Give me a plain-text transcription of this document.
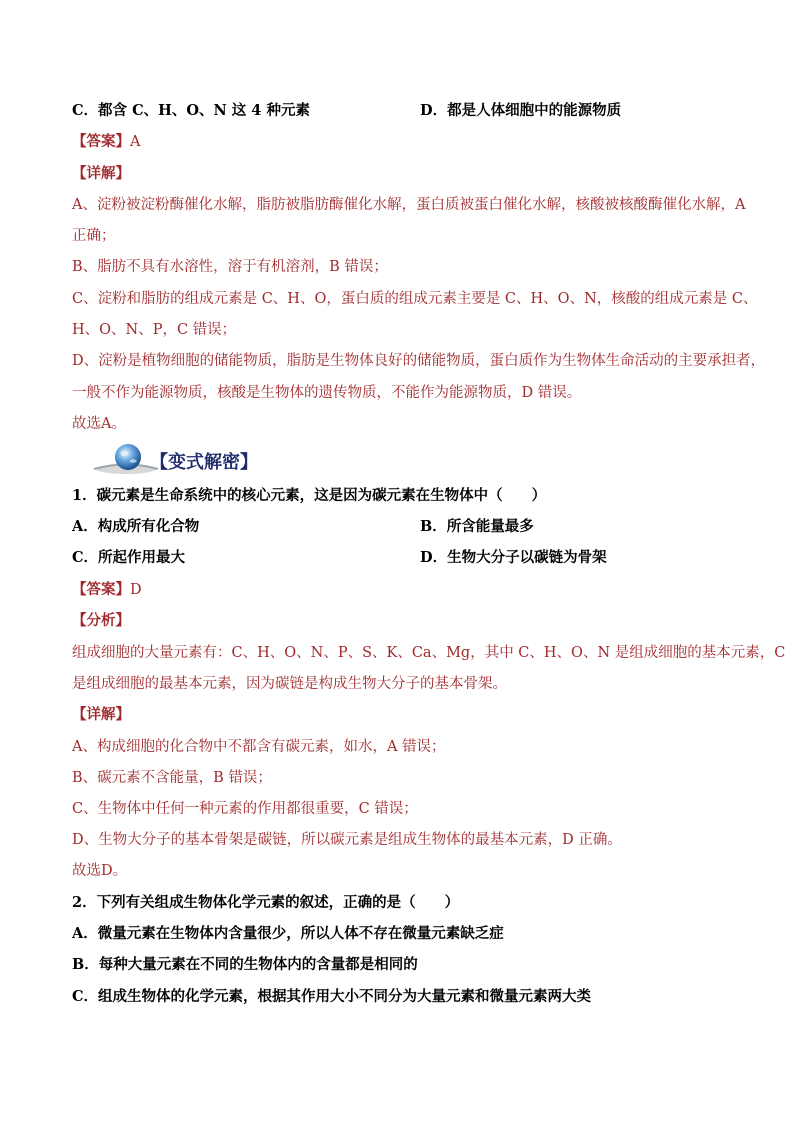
C．都含 C、H、O、N 这 4 种元素	D．都是人体细胞中的能源物质
【答案】A
【详解】
A、淀粉被淀粉酶催化水解，脂肪被脂肪酶催化水解，蛋白质被蛋白催化水解，核酸被核酸酶催化水解，A
正确；
B、脂肪不具有水溶性，溶于有机溶剂，B 错误；
C、淀粉和脂肪的组成元素是 C、H、O，蛋白质的组成元素主要是 C、H、O、N，核酸的组成元素是 C、
H、O、N、P，C 错误；
D、淀粉是植物细胞的储能物质，脂肪是生物体良好的储能物质，蛋白质作为生物体生命活动的主要承担者，
一般不作为能源物质，核酸是生物体的遗传物质，不能作为能源物质，D 错误。
故选A。
【变式解密】
1．碳元素是生命系统中的核心元素，这是因为碳元素在生物体中（　　）
A．构成所有化合物	B．所含能量最多
C．所起作用最大	D．生物大分子以碳链为骨架
【答案】D
【分析】
组成细胞的大量元素有：C、H、O、N、P、S、K、Ca、Mg，其中 C、H、O、N 是组成细胞的基本元素，C
是组成细胞的最基本元素，因为碳链是构成生物大分子的基本骨架。
【详解】
A、构成细胞的化合物中不都含有碳元素，如水，A 错误；
B、碳元素不含能量，B 错误；
C、生物体中任何一种元素的作用都很重要，C 错误；
D、生物大分子的基本骨架是碳链，所以碳元素是组成生物体的最基本元素，D 正确。
故选D。
2．下列有关组成生物体化学元素的叙述，正确的是（　　）
A．微量元素在生物体内含量很少，所以人体不存在微量元素缺乏症
B．每种大量元素在不同的生物体内的含量都是相同的
C．组成生物体的化学元素，根据其作用大小不同分为大量元素和微量元素两大类
